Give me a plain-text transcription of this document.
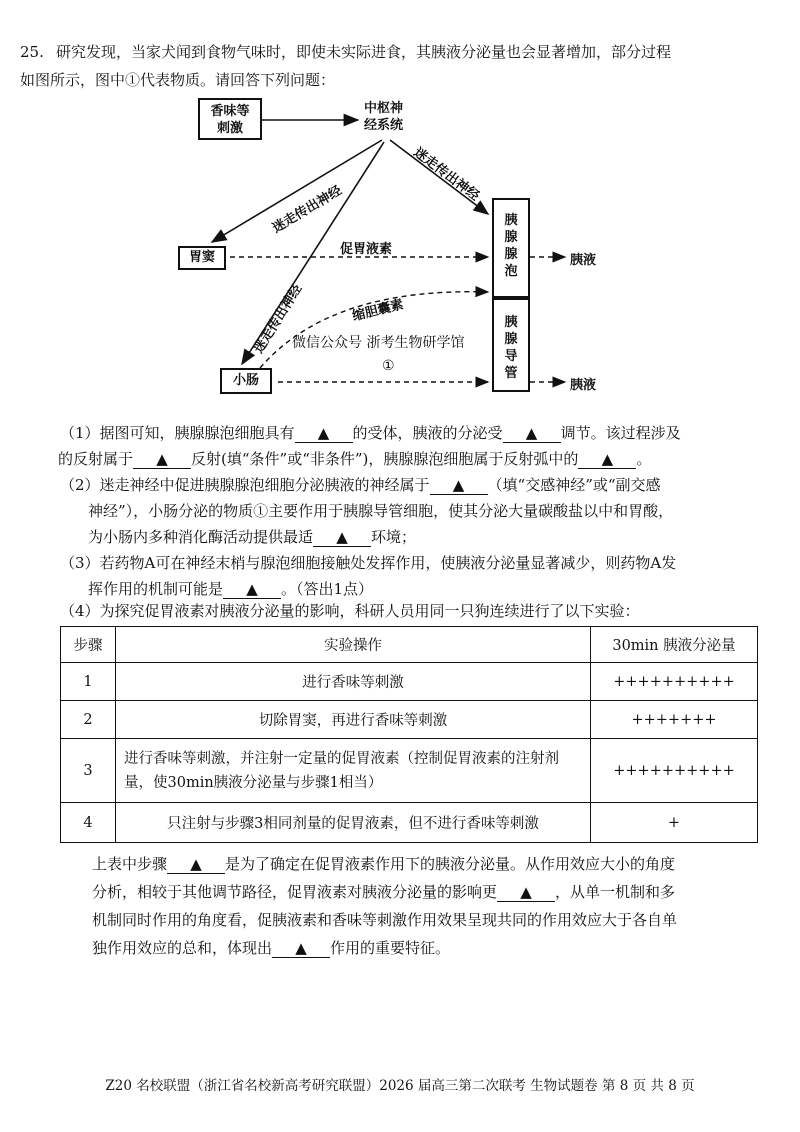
25. 研究发现，当家犬闻到食物气味时，即使未实际进食，其胰液分泌量也会显著增加，部分过程
如图所示，图中①代表物质。请回答下列问题：
香味等
刺激
中枢神
经系统
胃窦
胰
腺
腺
泡
胰
腺
导
管
小肠
迷走传出神经
迷走传出神经
迷走传出神经
促胃液素
缩胆囊素
微信公众号 浙考生物研学馆
①
胰液
胰液
（1）据图可知，胰腺腺泡细胞具有 ▲ 的受体，胰液的分泌受 ▲ 调节。该过程涉及
的反射属于 ▲ 反射(填“条件”或“非条件”)，胰腺腺泡细胞属于反射弧中的 ▲ 。
（2）迷走神经中促进胰腺腺泡细胞分泌胰液的神经属于 ▲ （填“交感神经”或“副交感
神经”），小肠分泌的物质①主要作用于胰腺导管细胞，使其分泌大量碳酸盐以中和胃酸，
为小肠内多种消化酶活动提供最适 ▲ 环境；
（3）若药物A可在神经末梢与腺泡细胞接触处发挥作用，使胰液分泌量显著减少，则药物A发
挥作用的机制可能是 ▲ 。（答出1点）
（4）为探究促胃液素对胰液分泌量的影响，科研人员用同一只狗连续进行了以下实验：
步骤	实验操作	30min 胰液分泌量
1	进行香味等刺激	++++++++++
2	切除胃窦，再进行香味等刺激	+++++++
3	进行香味等刺激，并注射一定量的促胃液素（控制促胃液素的注射剂量，使30min胰液分泌量与步骤1相当）	++++++++++
4	只注射与步骤3相同剂量的促胃液素，但不进行香味等刺激	+
上表中步骤 ▲ 是为了确定在促胃液素作用下的胰液分泌量。从作用效应大小的角度
分析，相较于其他调节路径，促胃液素对胰液分泌量的影响更 ▲ ，从单一机制和多
机制同时作用的角度看，促胰液素和香味等刺激作用效果呈现共同的作用效应大于各自单
独作用效应的总和，体现出 ▲ 作用的重要特征。
Z20 名校联盟（浙江省名校新高考研究联盟）2026 届高三第二次联考 生物试题卷 第 8 页 共 8 页
